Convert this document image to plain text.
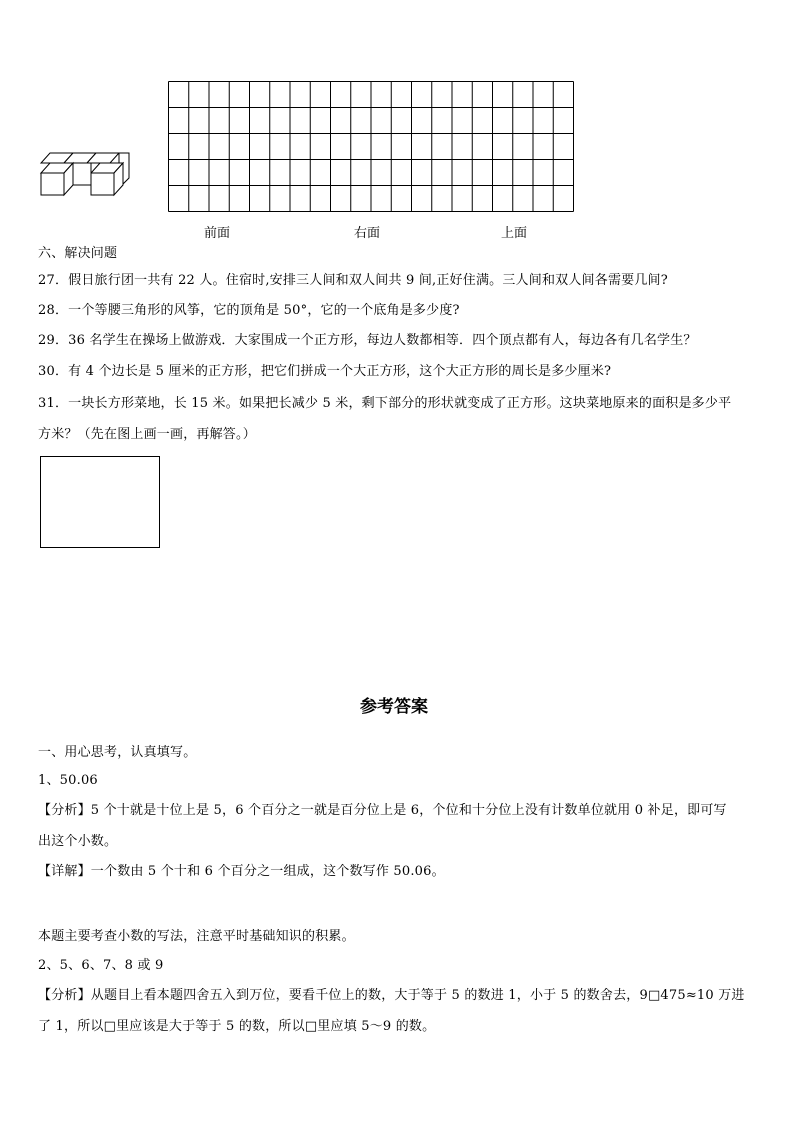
前面	右面	上面
六、解决问题
27．假日旅行团一共有 22 人。住宿时,安排三人间和双人间共 9 间,正好住满。三人间和双人间各需要几间?
28．一个等腰三角形的风筝，它的顶角是 50°，它的一个底角是多少度?
29．36 名学生在操场上做游戏．大家围成一个正方形，每边人数都相等．四个顶点都有人，每边各有几名学生？
30．有 4 个边长是 5 厘米的正方形，把它们拼成一个大正方形，这个大正方形的周长是多少厘米?
31．一块长方形菜地，长 15 米。如果把长减少 5 米，剩下部分的形状就变成了正方形。这块菜地原来的面积是多少平
方米？（先在图上画一画，再解答。）
参考答案
一、用心思考，认真填写。
1、50.06
【分析】5 个十就是十位上是 5，6 个百分之一就是百分位上是 6，个位和十分位上没有计数单位就用 0 补足，即可写
出这个小数。
【详解】一个数由 5 个十和 6 个百分之一组成，这个数写作 50.06。
本题主要考查小数的写法，注意平时基础知识的积累。
2、5、6、7、8 或 9
【分析】从题目上看本题四舍五入到万位，要看千位上的数，大于等于 5 的数进 1，小于 5 的数舍去，9□475≈10 万进
了 1，所以□里应该是大于等于 5 的数，所以□里应填 5～9 的数。
